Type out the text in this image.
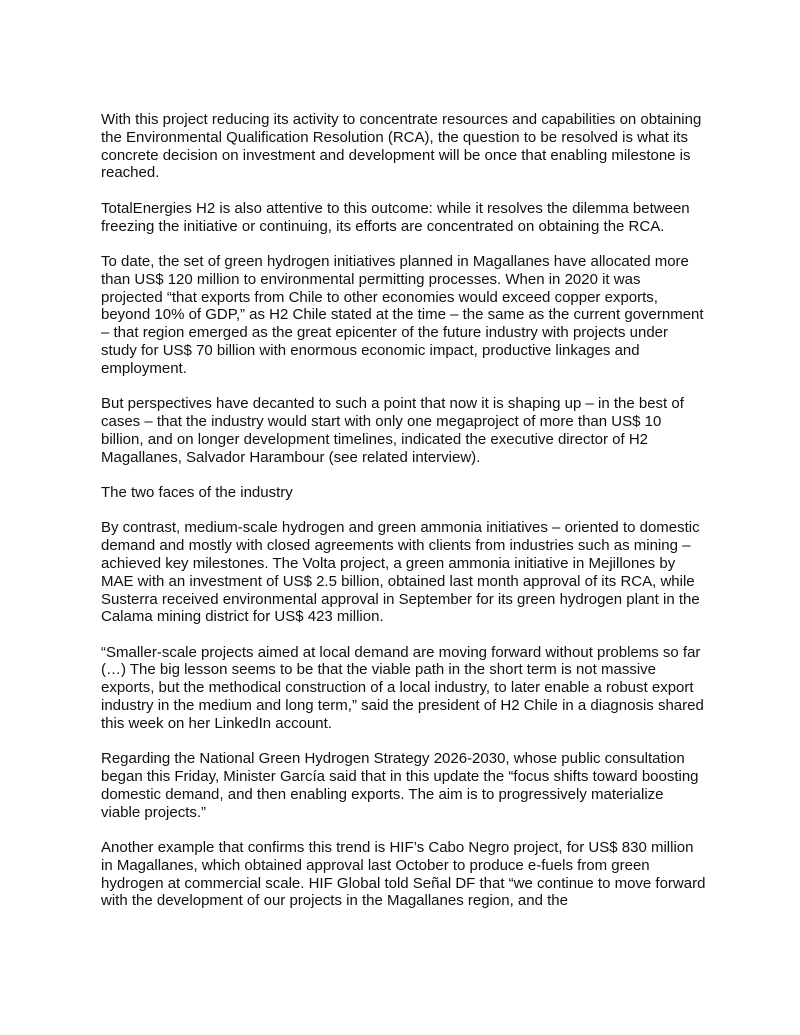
With this project reducing its activity to concentrate resources and capabilities on obtaining the Environmental Qualification Resolution (RCA), the question to be resolved is what its concrete decision on investment and development will be once that enabling milestone is reached.

TotalEnergies H2 is also attentive to this outcome: while it resolves the dilemma between freezing the initiative or continuing, its efforts are concentrated on obtaining the RCA.

To date, the set of green hydrogen initiatives planned in Magallanes have allocated more than US$ 120 million to environmental permitting processes. When in 2020 it was projected “that exports from Chile to other economies would exceed copper exports, beyond 10% of GDP,” as H2 Chile stated at the time – the same as the current government – that region emerged as the great epicenter of the future industry with projects under study for US$ 70 billion with enormous economic impact, productive linkages and employment.

But perspectives have decanted to such a point that now it is shaping up – in the best of cases – that the industry would start with only one megaproject of more than US$ 10 billion, and on longer development timelines, indicated the executive director of H2 Magallanes, Salvador Harambour (see related interview).

The two faces of the industry

By contrast, medium-scale hydrogen and green ammonia initiatives – oriented to domestic demand and mostly with closed agreements with clients from industries such as mining – achieved key milestones. The Volta project, a green ammonia initiative in Mejillones by MAE with an investment of US$ 2.5 billion, obtained last month approval of its RCA, while Susterra received environmental approval in September for its green hydrogen plant in the Calama mining district for US$ 423 million.

“Smaller-scale projects aimed at local demand are moving forward without problems so far (…) The big lesson seems to be that the viable path in the short term is not massive exports, but the methodical construction of a local industry, to later enable a robust export industry in the medium and long term,” said the president of H2 Chile in a diagnosis shared this week on her LinkedIn account.

Regarding the National Green Hydrogen Strategy 2026-2030, whose public consultation began this Friday, Minister García said that in this update the “focus shifts toward boosting domestic demand, and then enabling exports. The aim is to progressively materialize viable projects.”

Another example that confirms this trend is HIF’s Cabo Negro project, for US$ 830 million in Magallanes, which obtained approval last October to produce e-fuels from green hydrogen at commercial scale. HIF Global told Señal DF that “we continue to move forward with the development of our projects in the Magallanes region, and the
